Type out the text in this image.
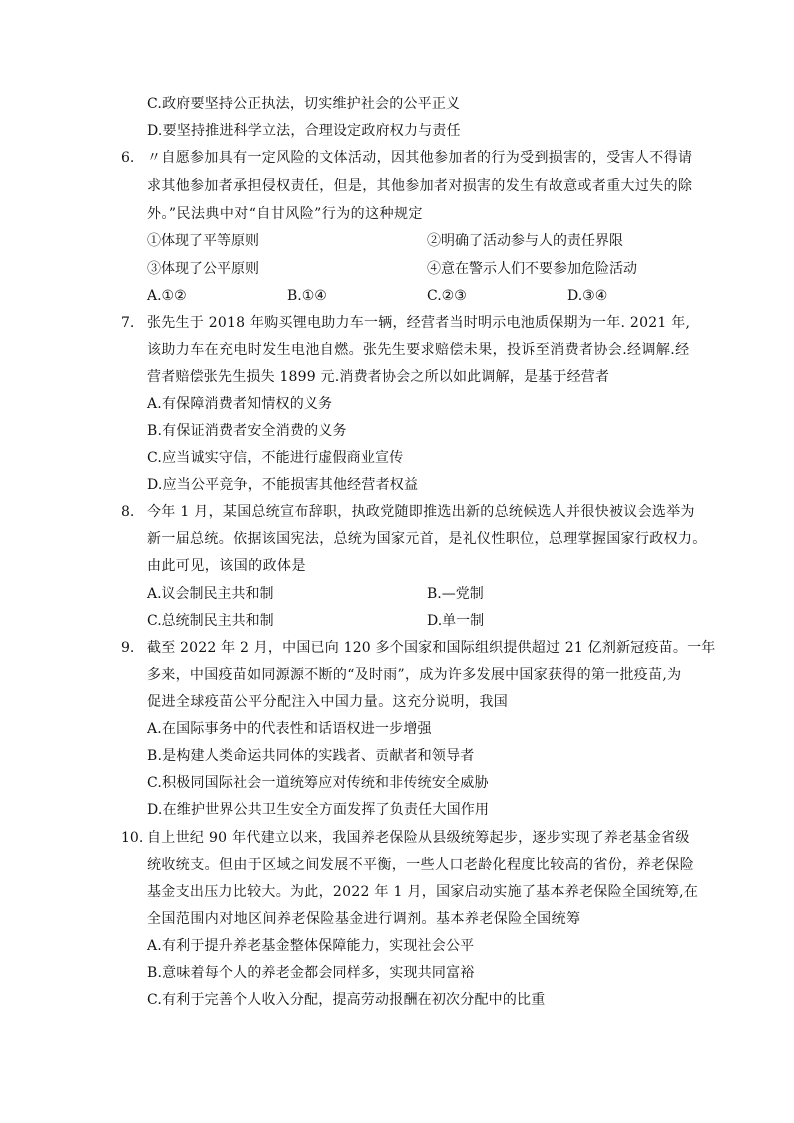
C.政府要坚持公正执法，切实维护社会的公平正义
D.要坚持推进科学立法，合理设定政府权力与责任
6. 〃自愿参加具有一定风险的文体活动，因其他参加者的行为受到损害的，受害人不得请
求其他参加者承担侵权责任，但是，其他参加者对损害的发生有故意或者重大过失的除
外。”民法典中对“自甘风险”行为的这种规定
①体现了平等原则	②明确了活动参与人的责任界限
③体现了公平原则	④意在警示人们不要参加危险活动
A.①②	B.①④	C.②③	D.③④
7. 张先生于 2018 年购买锂电助力车一辆，经营者当时明示电池质保期为一年. 2021 年,
该助力车在充电时发生电池自燃。张先生要求赔偿未果，投诉至消费者协会.经调解.经
营者赔偿张先生损失 1899 元.消费者协会之所以如此调解，是基于经营者
A.有保障消费者知情权的义务
B.有保证消费者安全消费的义务
C.应当诚实守信，不能进行虚假商业宣传
D.应当公平竞争，不能损害其他经营者权益
8. 今年 1 月，某国总统宣布辞职，执政党随即推选出新的总统候选人并很快被议会选举为
新一届总统。依据该国宪法，总统为国家元首，是礼仪性职位，总理掌握国家行政权力。
由此可见，该国的政体是
A.议会制民主共和制	B.—党制
C.总统制民主共和制	D.单一制
9. 截至 2022 年 2 月，中国已向 120 多个国家和国际组织提供超过 21 亿剂新冠疫苗。一年
多来，中国疫苗如同源源不断的“及时雨”，成为许多发展中国家获得的第一批疫苗,为
促进全球疫苗公平分配注入中国力量。这充分说明，我国
A.在国际事务中的代表性和话语权进一步增强
B.是构建人类命运共同体的实践者、贡献者和领导者
C.积极同国际社会一道统筹应对传统和非传统安全威胁
D.在维护世界公共卫生安全方面发挥了负责任大国作用
10. 自上世纪 90 年代建立以来，我国养老保险从县级统筹起步，逐步实现了养老基金省级
统收统支。但由于区域之间发展不平衡，一些人口老龄化程度比较高的省份，养老保险
基金支出压力比较大。为此，2022 年 1 月，国家启动实施了基本养老保险全国统筹,在
全国范围内对地区间养老保险基金进行调剂。基本养老保险全国统筹
A.有利于提升养老基金整体保障能力，实现社会公平
B.意味着每个人的养老金都会同样多，实现共同富裕
C.有利于完善个人收入分配，提高劳动报酬在初次分配中的比重
